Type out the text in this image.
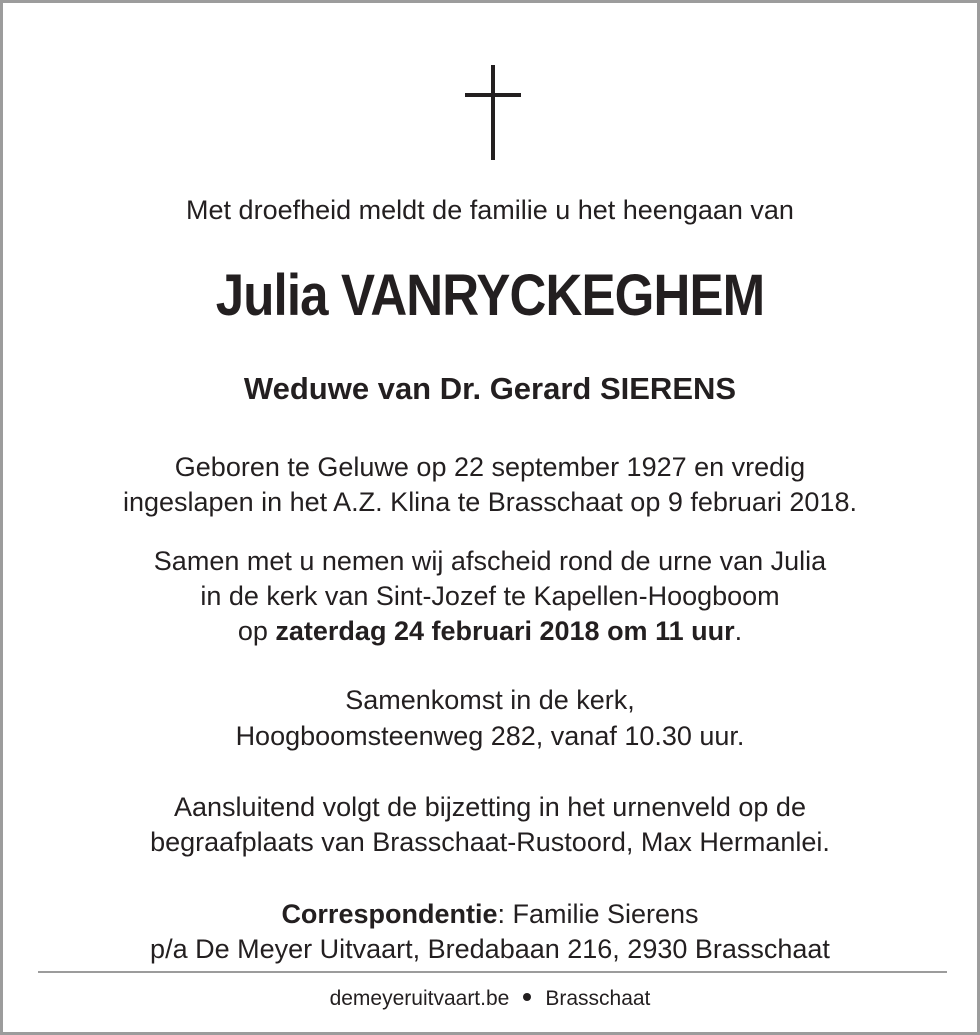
Met droefheid meldt de familie u het heengaan van
Julia VANRYCKEGHEM
Weduwe van Dr. Gerard SIERENS
Geboren te Geluwe op 22 september 1927 en vredig
ingeslapen in het A.Z. Klina te Brasschaat op 9 februari 2018.
Samen met u nemen wij afscheid rond de urne van Julia
in de kerk van Sint-Jozef te Kapellen-Hoogboom
op zaterdag 24 februari 2018 om 11 uur.
Samenkomst in de kerk,
Hoogboomsteenweg 282, vanaf 10.30 uur.
Aansluitend volgt de bijzetting in het urnenveld op de
begraafplaats van Brasschaat-Rustoord, Max Hermanlei.
Correspondentie: Familie Sierens
p/a De Meyer Uitvaart, Bredabaan 216, 2930 Brasschaat
demeyeruitvaart.be Brasschaat
